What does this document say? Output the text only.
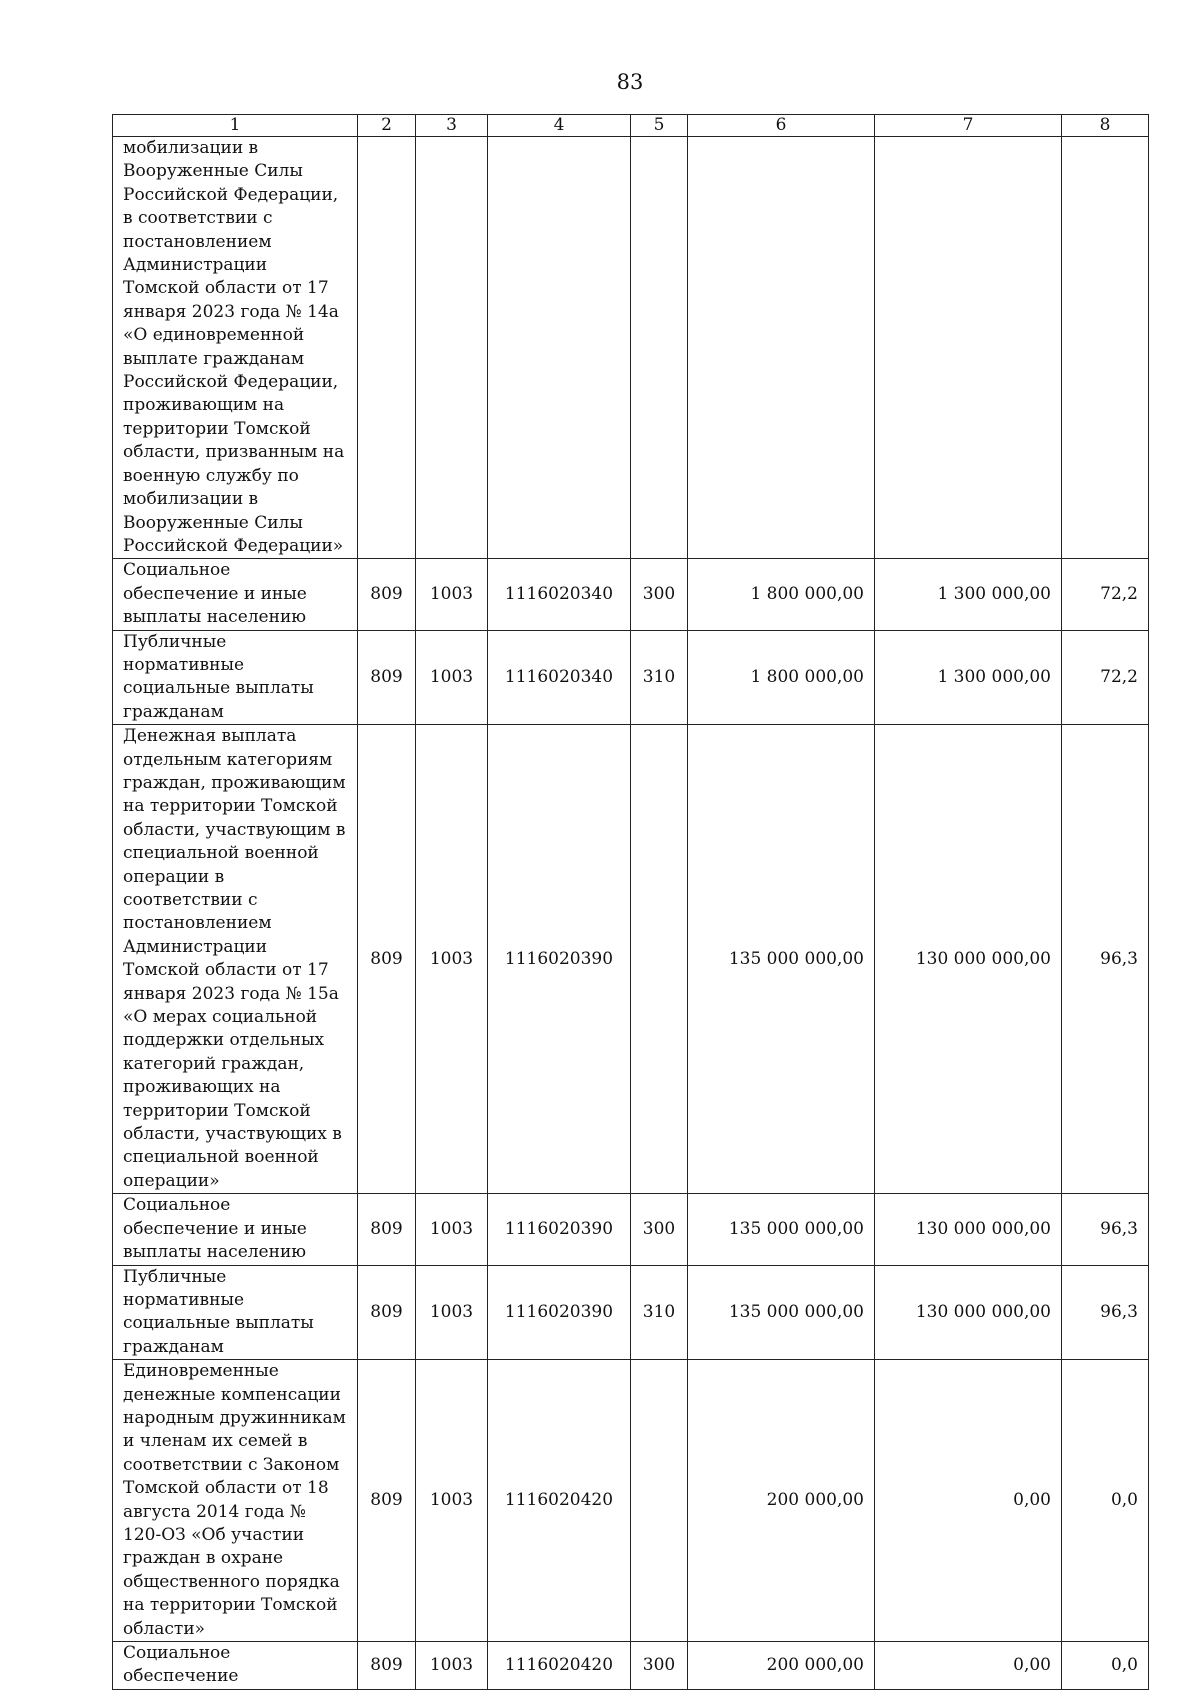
83
1	2	3	4	5	6	7	8
мобилизации в Вооруженные Силы Российской Федерации, в соответствии с постановлением Администрации Томской области от 17 января 2023 года № 14а «О единовременной выплате гражданам Российской Федерации, проживающим на территории Томской области, призванным на военную службу по мобилизации в Вооруженные Силы Российской Федерации»							
Социальное обеспечение и иные выплаты населению	809	1003	1116020340	300	1 800 000,00	1 300 000,00	72,2
Публичные нормативные социальные выплаты гражданам	809	1003	1116020340	310	1 800 000,00	1 300 000,00	72,2
Денежная выплата отдельным категориям граждан, проживающим на территории Томской области, участвующим в специальной военной операции в соответствии с постановлением Администрации Томской области от 17 января 2023 года № 15а «О мерах социальной поддержки отдельных категорий граждан, проживающих на территории Томской области, участвующих в специальной военной операции»	809	1003	1116020390		135 000 000,00	130 000 000,00	96,3
Социальное обеспечение и иные выплаты населению	809	1003	1116020390	300	135 000 000,00	130 000 000,00	96,3
Публичные нормативные социальные выплаты гражданам	809	1003	1116020390	310	135 000 000,00	130 000 000,00	96,3
Единовременные денежные компенсации народным дружинникам и членам их семей в соответствии с Законом Томской области от 18 августа 2014 года № 120-ОЗ «Об участии граждан в охране общественного порядка на территории Томской области»	809	1003	1116020420		200 000,00	0,00	0,0
Социальное обеспечение	809	1003	1116020420	300	200 000,00	0,00	0,0
